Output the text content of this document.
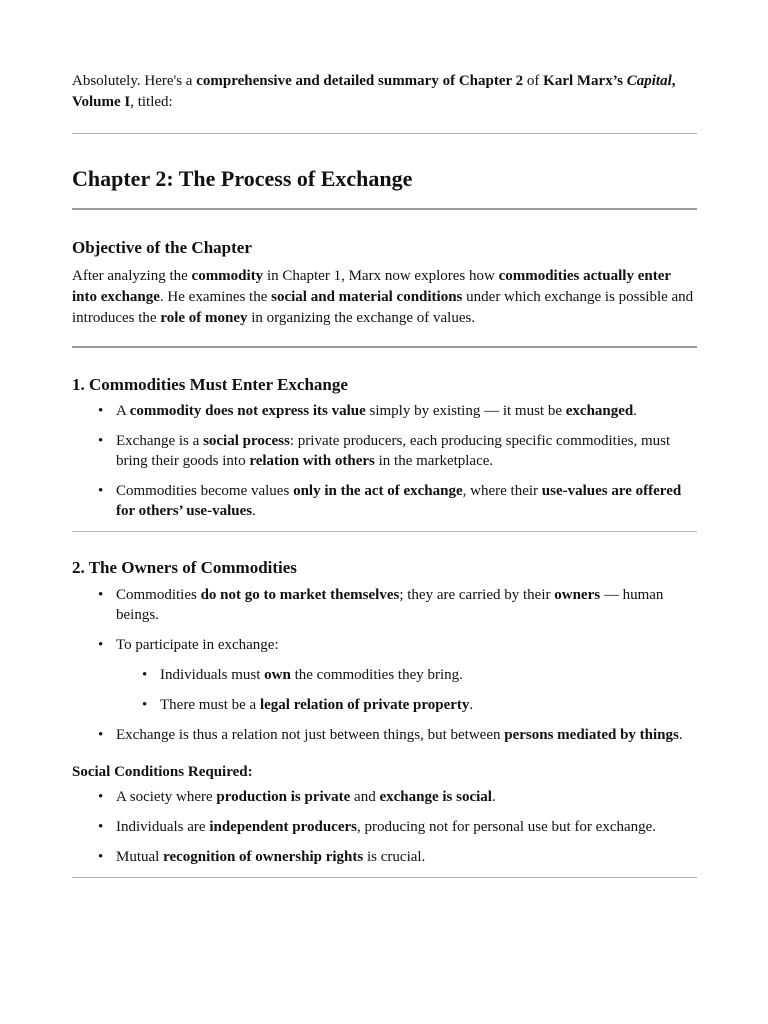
Absolutely. Here's a comprehensive and detailed summary of Chapter 2 of Karl Marx’s Capital, Volume I, titled:

Chapter 2: The Process of Exchange
Objective of the Chapter

After analyzing the commodity in Chapter 1, Marx now explores how commodities actually enter into exchange. He examines the social and material conditions under which exchange is possible and introduces the role of money in organizing the exchange of values.

1. Commodities Must Enter Exchange
• A commodity does not express its value simply by existing — it must be exchanged.
• Exchange is a social process: private producers, each producing specific commodities, must bring their goods into relation with others in the marketplace.
• Commodities become values only in the act of exchange, where their use-values are offered for others’ use-values.
2. The Owners of Commodities
• Commodities do not go to market themselves; they are carried by their owners — human beings.
• To participate in exchange:
• Individuals must own the commodities they bring.
• There must be a legal relation of private property.
• Exchange is thus a relation not just between things, but between persons mediated by things.
Social Conditions Required:
• A society where production is private and exchange is social.
• Individuals are independent producers, producing not for personal use but for exchange.
• Mutual recognition of ownership rights is crucial.
